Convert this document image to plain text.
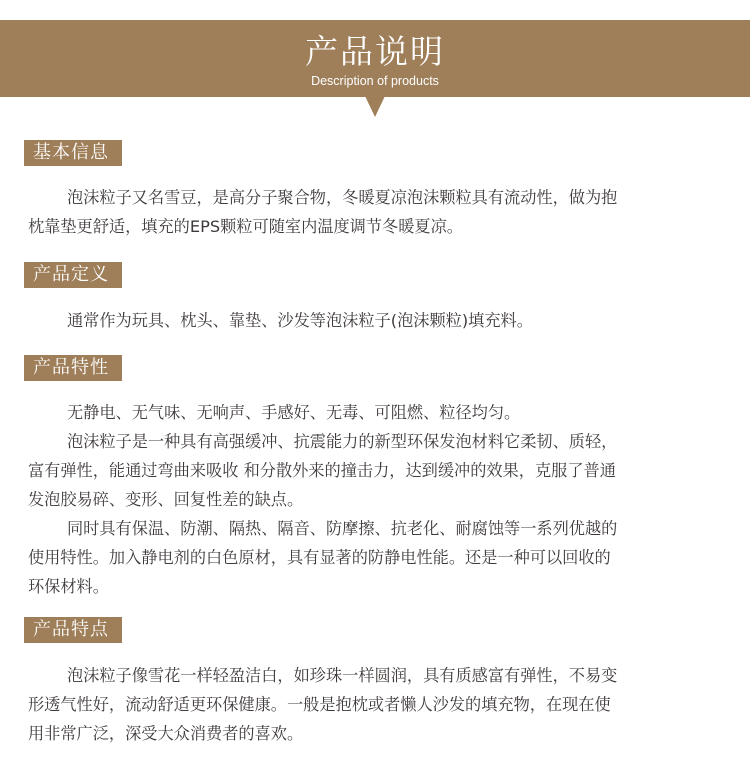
产品说明
Description of products
基本信息
泡沫粒子又名雪豆，是高分子聚合物，冬暖夏凉泡沫颗粒具有流动性，做为抱
枕靠垫更舒适，填充的EPS颗粒可随室内温度调节冬暖夏凉。
产品定义
通常作为玩具、枕头、靠垫、沙发等泡沫粒子(泡沫颗粒)填充料。
产品特性
无静电、无气味、无响声、手感好、无毒、可阻燃、粒径均匀。
泡沫粒子是一种具有高强缓冲、抗震能力的新型环保发泡材料它柔韧、质轻，
富有弹性，能通过弯曲来吸收 和分散外来的撞击力，达到缓冲的效果，克服了普通
发泡胶易碎、变形、回复性差的缺点。
同时具有保温、防潮、隔热、隔音、防摩擦、抗老化、耐腐蚀等一系列优越的
使用特性。加入静电剂的白色原材，具有显著的防静电性能。还是一种可以回收的
环保材料。
产品特点
泡沫粒子像雪花一样轻盈洁白，如珍珠一样圆润，具有质感富有弹性，不易变
形透气性好，流动舒适更环保健康。一般是抱枕或者懒人沙发的填充物，在现在使
用非常广泛，深受大众消费者的喜欢。
